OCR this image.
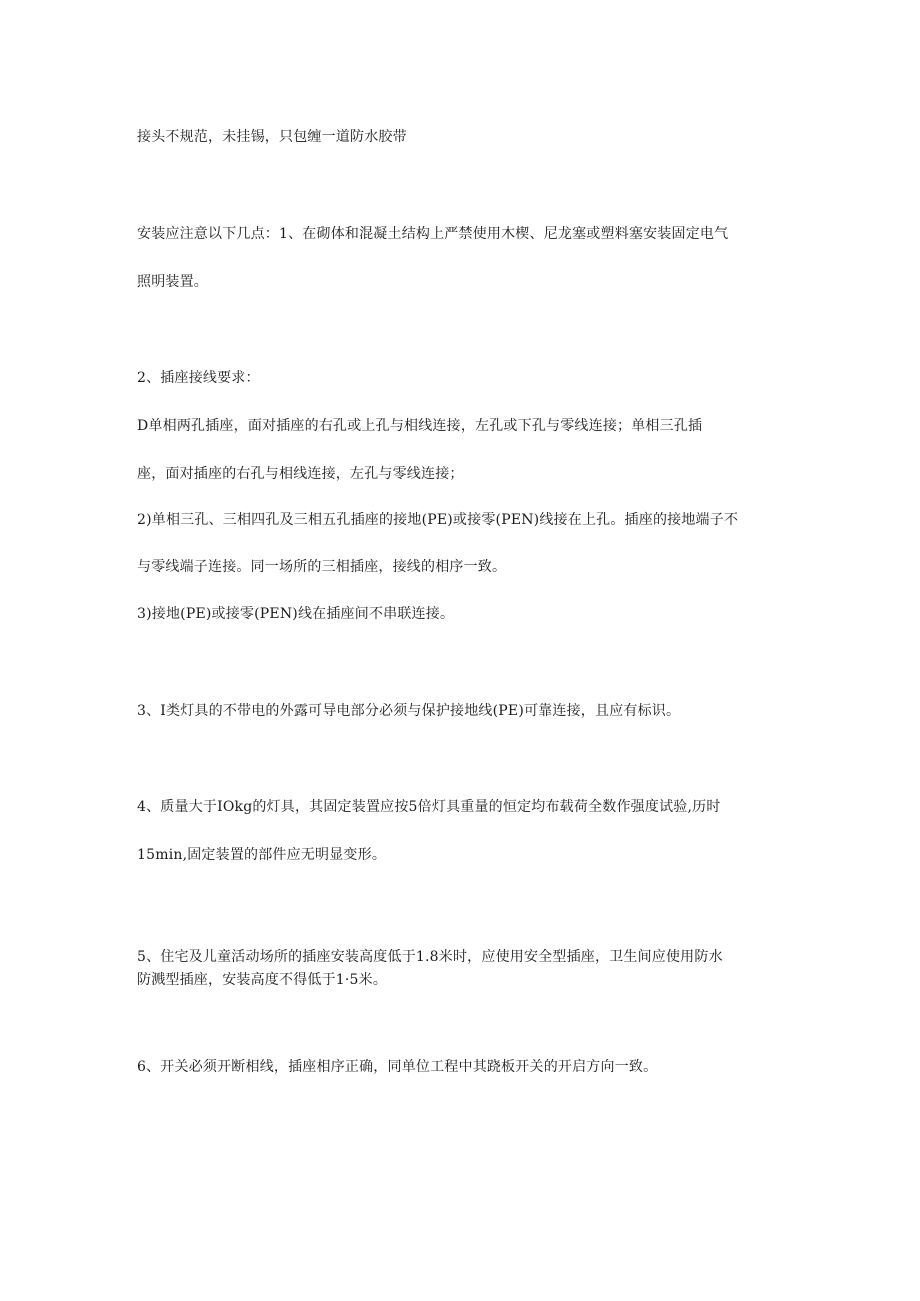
接头不规范，未挂锡，只包缠一道防水胶带
安装应注意以下几点：1、在砌体和混凝土结构上严禁使用木楔、尼龙塞或塑料塞安装固定电气
照明装置。
2、插座接线要求：
D单相两孔插座，面对插座的右孔或上孔与相线连接，左孔或下孔与零线连接；单相三孔插
座，面对插座的右孔与相线连接，左孔与零线连接；
2)单相三孔、三相四孔及三相五孔插座的接地(PE)或接零(PEN)线接在上孔。插座的接地端子不
与零线端子连接。同一场所的三相插座，接线的相序一致。
3)接地(PE)或接零(PEN)线在插座间不串联连接。
3、I类灯具的不带电的外露可导电部分必须与保护接地线(PE)可靠连接，且应有标识。
4、质量大于IOkg的灯具，其固定装置应按5倍灯具重量的恒定均布载荷全数作强度试验,历时
15min,固定装置的部件应无明显变形。
5、住宅及儿童活动场所的插座安装高度低于1.8米时，应使用安全型插座，卫生间应使用防水
防溅型插座，安装高度不得低于1·5米。
6、开关必须开断相线，插座相序正确，同单位工程中其跷板开关的开启方向一致。
